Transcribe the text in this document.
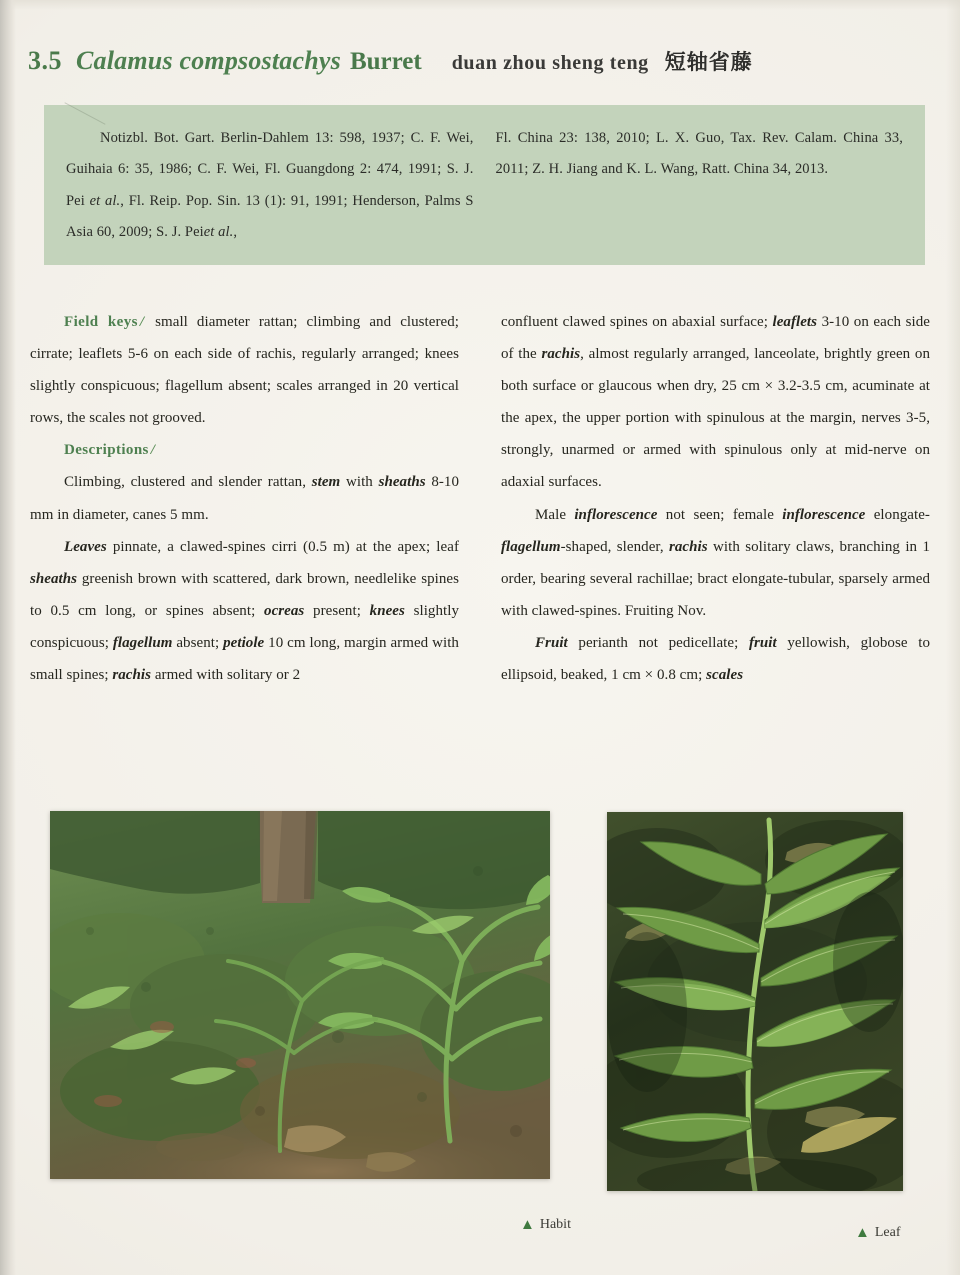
3.5 Calamus compsostachys Burret duan zhou sheng teng 短轴省藤
Notizbl. Bot. Gart. Berlin-Dahlem 13: 598, 1937; C. F. Wei, Guihaia 6: 35, 1986; C. F. Wei, Fl. Guangdong 2: 474, 1991; S. J. Pei et al., Fl. Reip. Pop. Sin. 13 (1): 91, 1991; Henderson, Palms S Asia 60, 2009; S. J. Peiet al.,
Fl. China 23: 138, 2010; L. X. Guo, Tax. Rev. Calam. China 33, 2011; Z. H. Jiang and K. L. Wang, Ratt. China 34, 2013.

Field keys / small diameter rattan; climbing and clustered; cirrate; leaflets 5-6 on each side of rachis, regularly arranged; knees slightly conspicuous; flagellum absent; scales arranged in 20 vertical rows, the scales not grooved.

Descriptions /

Climbing, clustered and slender rattan, stem with sheaths 8-10 mm in diameter, canes 5 mm.

Leaves pinnate, a clawed-spines cirri (0.5 m) at the apex; leaf sheaths greenish brown with scattered, dark brown, needlelike spines to 0.5 cm long, or spines absent; ocreas present; knees slightly conspicuous; flagellum absent; petiole 10 cm long, margin armed with small spines; rachis armed with solitary or 2

confluent clawed spines on abaxial surface; leaflets 3-10 on each side of the rachis, almost regularly arranged, lanceolate, brightly green on both surface or glaucous when dry, 25 cm × 3.2-3.5 cm, acuminate at the apex, the upper portion with spinulous at the margin, nerves 3-5, strongly, unarmed or armed with spinulous only at mid-nerve on adaxial surfaces.

Male inflorescence not seen; female inflorescence elongate-flagellum-shaped, slender, rachis with solitary claws, branching in 1 order, bearing several rachillae; bract elongate-tubular, sparsely armed with clawed-spines. Fruiting Nov.

Fruit perianth not pedicellate; fruit yellowish, globose to ellipsoid, beaked, 1 cm × 0.8 cm; scales

▲ Habit	▲ Leaf
